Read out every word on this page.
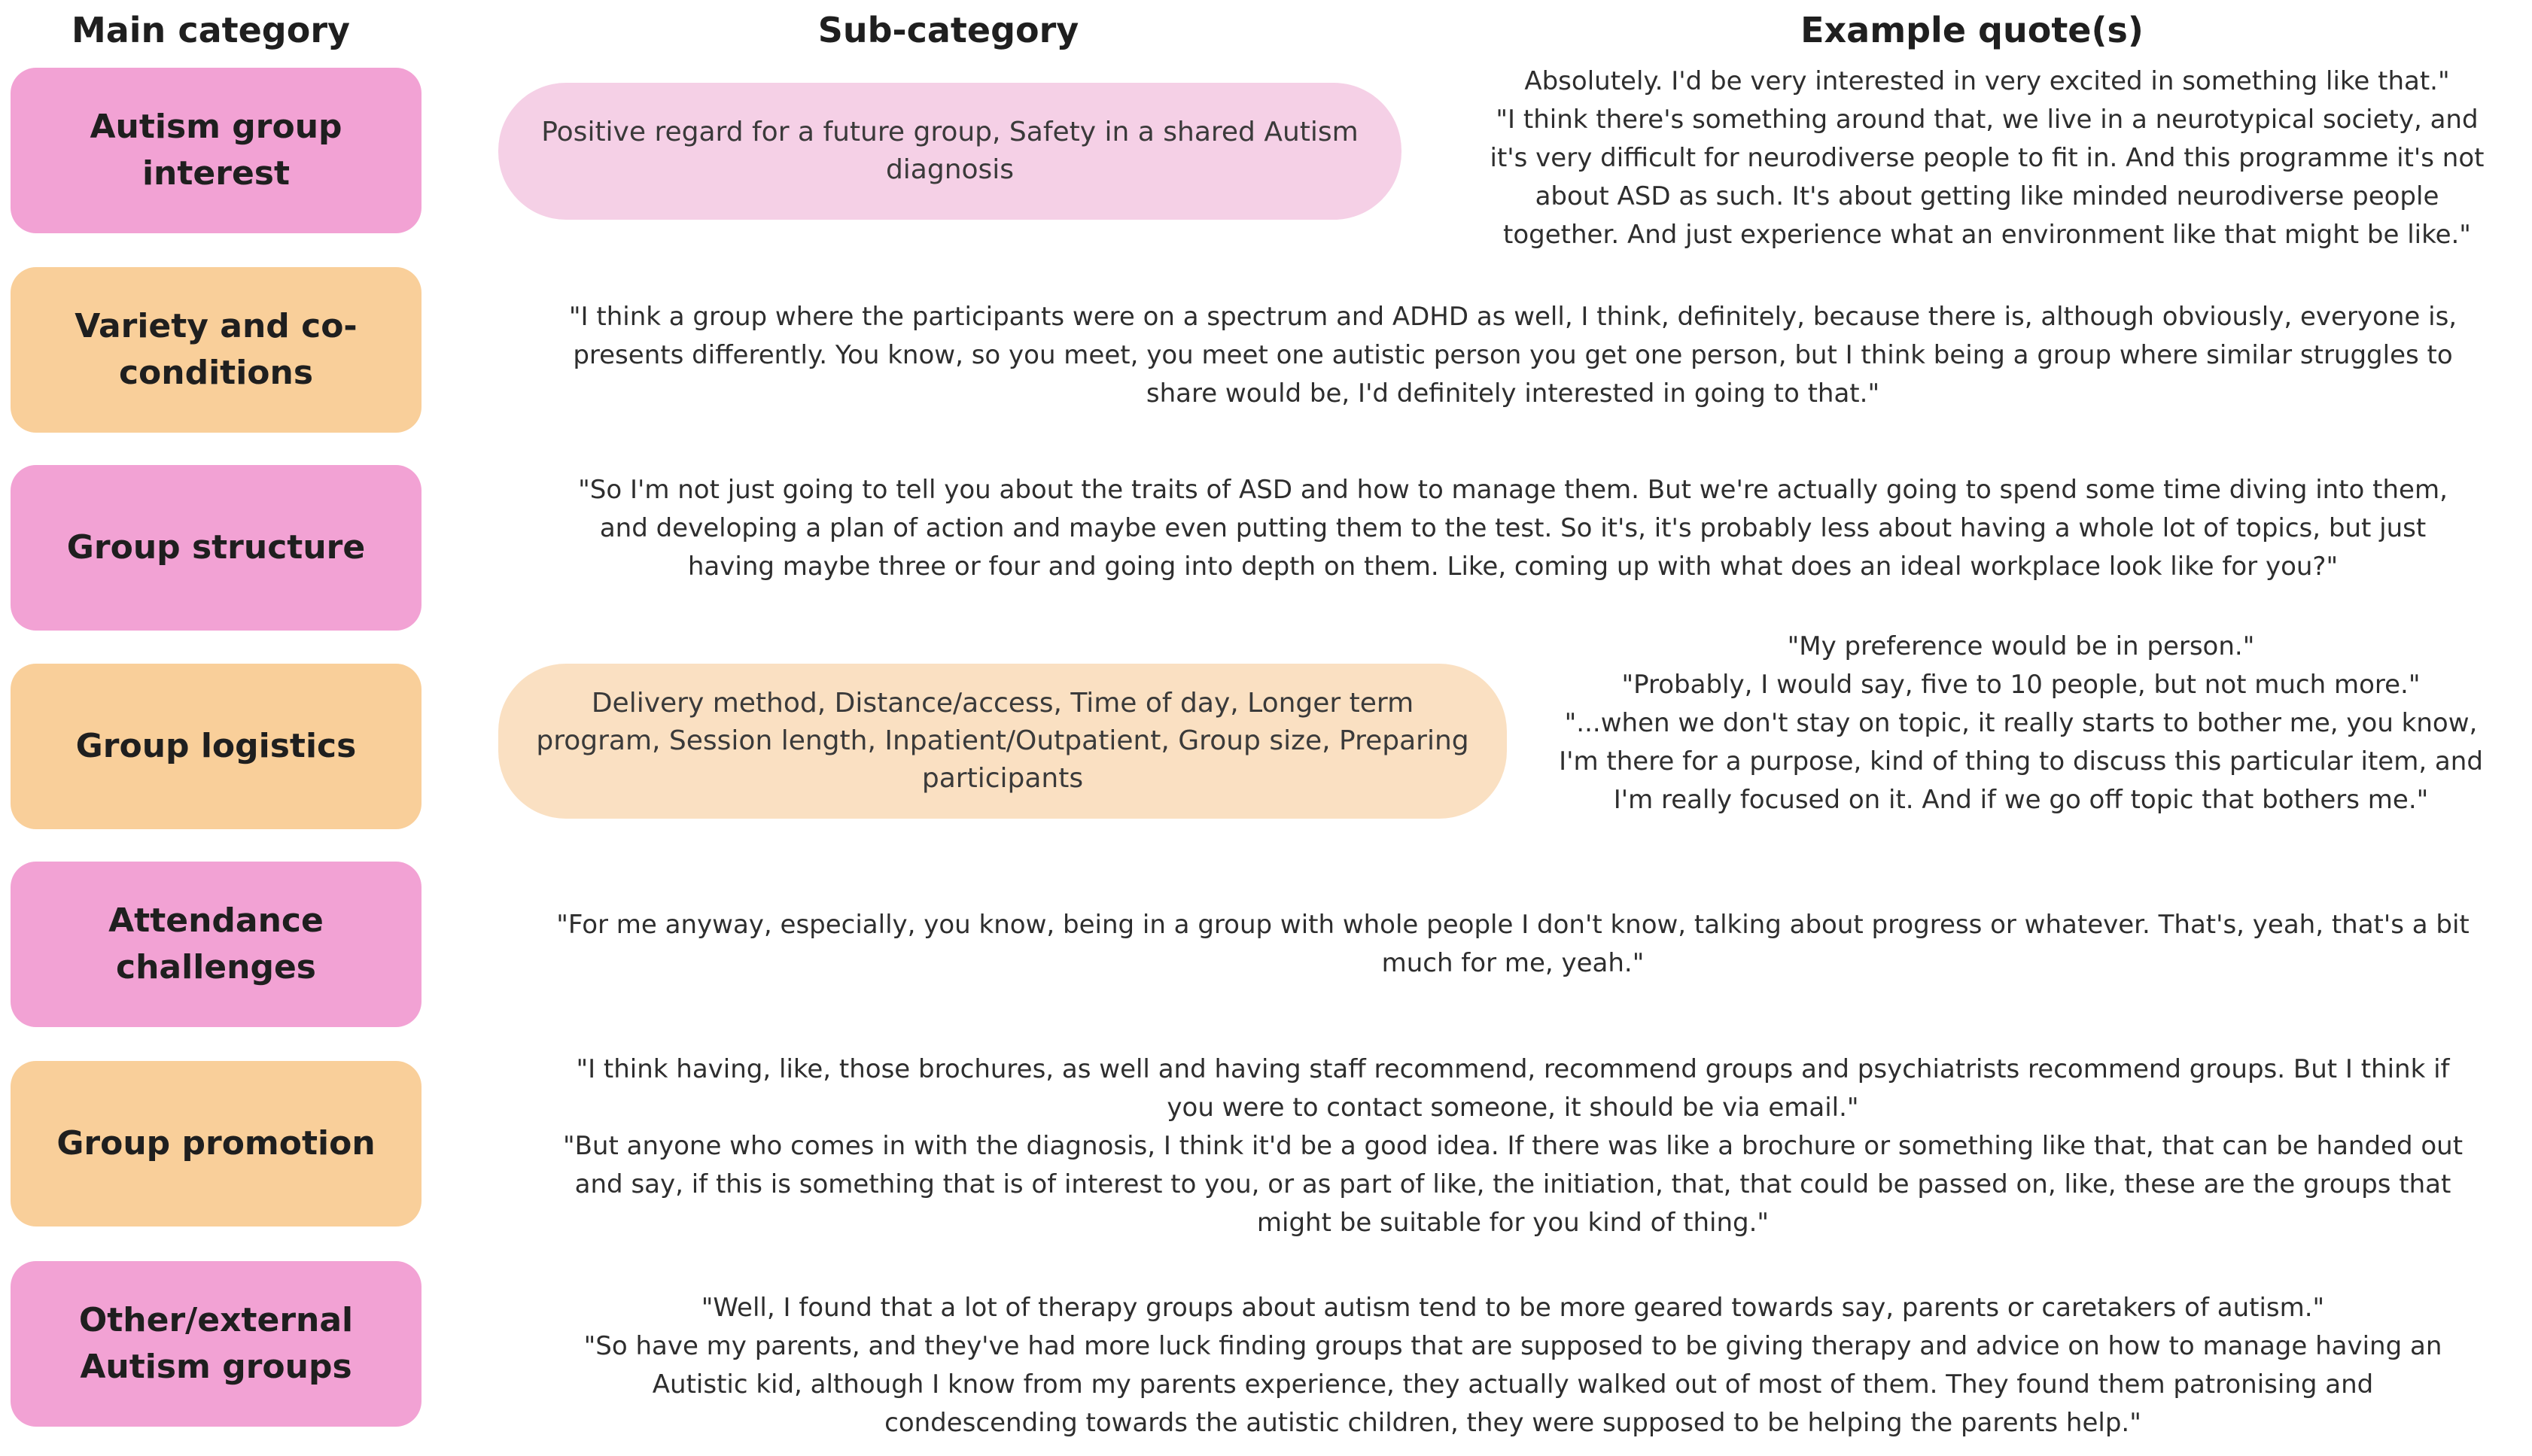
Main category	Sub-category	Example quote(s)
Autism group interest
Positive regard for a future group, Safety in a shared Autism diagnosis
Absolutely. I'd be very interested in very excited in something like that."
"I think there's something around that, we live in a neurotypical society, and
it's very difficult for neurodiverse people to fit in. And this programme it's not
about ASD as such. It's about getting like minded neurodiverse people
together. And just experience what an environment like that might be like."
Variety and co-conditions
"I think a group where the participants were on a spectrum and ADHD as well, I think, definitely, because there is, although obviously, everyone is,
presents differently. You know, so you meet, you meet one autistic person you get one person, but I think being a group where similar struggles to
share would be, I'd definitely interested in going to that."
Group structure
"So I'm not just going to tell you about the traits of ASD and how to manage them. But we're actually going to spend some time diving into them,
and developing a plan of action and maybe even putting them to the test. So it's, it's probably less about having a whole lot of topics, but just
having maybe three or four and going into depth on them. Like, coming up with what does an ideal workplace look like for you?"
Group logistics
Delivery method, Distance/access, Time of day, Longer term program, Session length, Inpatient/Outpatient, Group size, Preparing participants
"My preference would be in person."
"Probably, I would say, five to 10 people, but not much more."
"...when we don't stay on topic, it really starts to bother me, you know,
I'm there for a purpose, kind of thing to discuss this particular item, and
I'm really focused on it. And if we go off topic that bothers me."
Attendance challenges
"For me anyway, especially, you know, being in a group with whole people I don't know, talking about progress or whatever. That's, yeah, that's a bit
much for me, yeah."
Group promotion
"I think having, like, those brochures, as well and having staff recommend, recommend groups and psychiatrists recommend groups. But I think if
you were to contact someone, it should be via email."
"But anyone who comes in with the diagnosis, I think it'd be a good idea. If there was like a brochure or something like that, that can be handed out
and say, if this is something that is of interest to you, or as part of like, the initiation, that, that could be passed on, like, these are the groups that
might be suitable for you kind of thing."
Other/external Autism groups
"Well, I found that a lot of therapy groups about autism tend to be more geared towards say, parents or caretakers of autism."
"So have my parents, and they've had more luck finding groups that are supposed to be giving therapy and advice on how to manage having an
Autistic kid, although I know from my parents experience, they actually walked out of most of them. They found them patronising and
condescending towards the autistic children, they were supposed to be helping the parents help."
